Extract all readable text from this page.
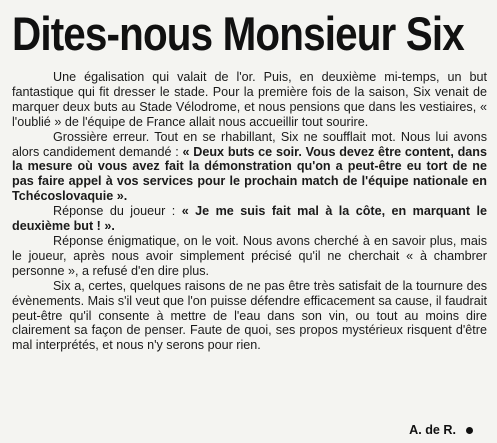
Dites-nous Monsieur Six

Une égalisation qui valait de l'or. Puis, en deuxième mi-temps, un but fantastique qui fit dresser le stade. Pour la première fois de la saison, Six venait de marquer deux buts au Stade Vélodrome, et nous pensions que dans les vestiaires, « l'oublié » de l'équipe de France allait nous accueillir tout sourire.

Grossière erreur. Tout en se rhabillant, Six ne soufflait mot. Nous lui avons alors candidement demandé : « Deux buts ce soir. Vous devez être content, dans la mesure où vous avez fait la démonstration qu'on a peut-être eu tort de ne pas faire appel à vos services pour le prochain match de l'équipe nationale en Tchécoslovaquie ».

Réponse du joueur : « Je me suis fait mal à la côte, en marquant le deuxième but ! ».

Réponse énigmatique, on le voit. Nous avons cherché à en savoir plus, mais le joueur, après nous avoir simplement précisé qu'il ne cherchait « à chambrer personne », a refusé d'en dire plus.

Six a, certes, quelques raisons de ne pas être très satisfait de la tournure des évènements. Mais s'il veut que l'on puisse défendre efficacement sa cause, il faudrait peut-être qu'il consente à mettre de l'eau dans son vin, ou tout au moins dire clairement sa façon de penser. Faute de quoi, ses propos mystérieux risquent d'être mal interprétés, et nous n'y serons pour rien.

A. de R.
